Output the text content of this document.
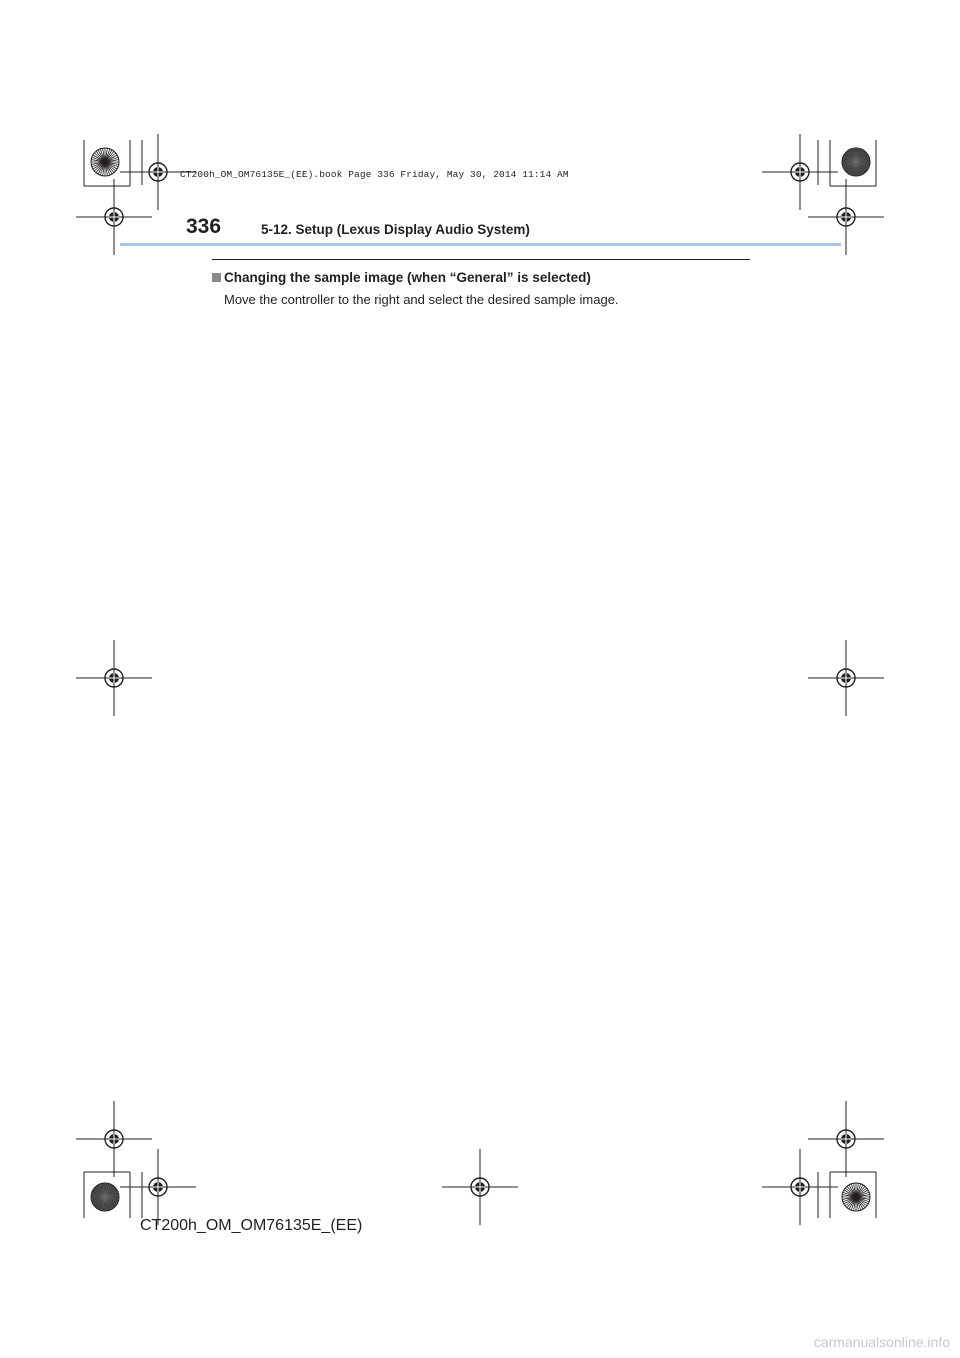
CT200h_OM_OM76135E_(EE).book Page 336 Friday, May 30, 2014 11:14 AM
336	5-12. Setup (Lexus Display Audio System)
Changing the sample image (when “General” is selected)
Move the controller to the right and select the desired sample image.
CT200h_OM_OM76135E_(EE)
carmanualsonline.info
